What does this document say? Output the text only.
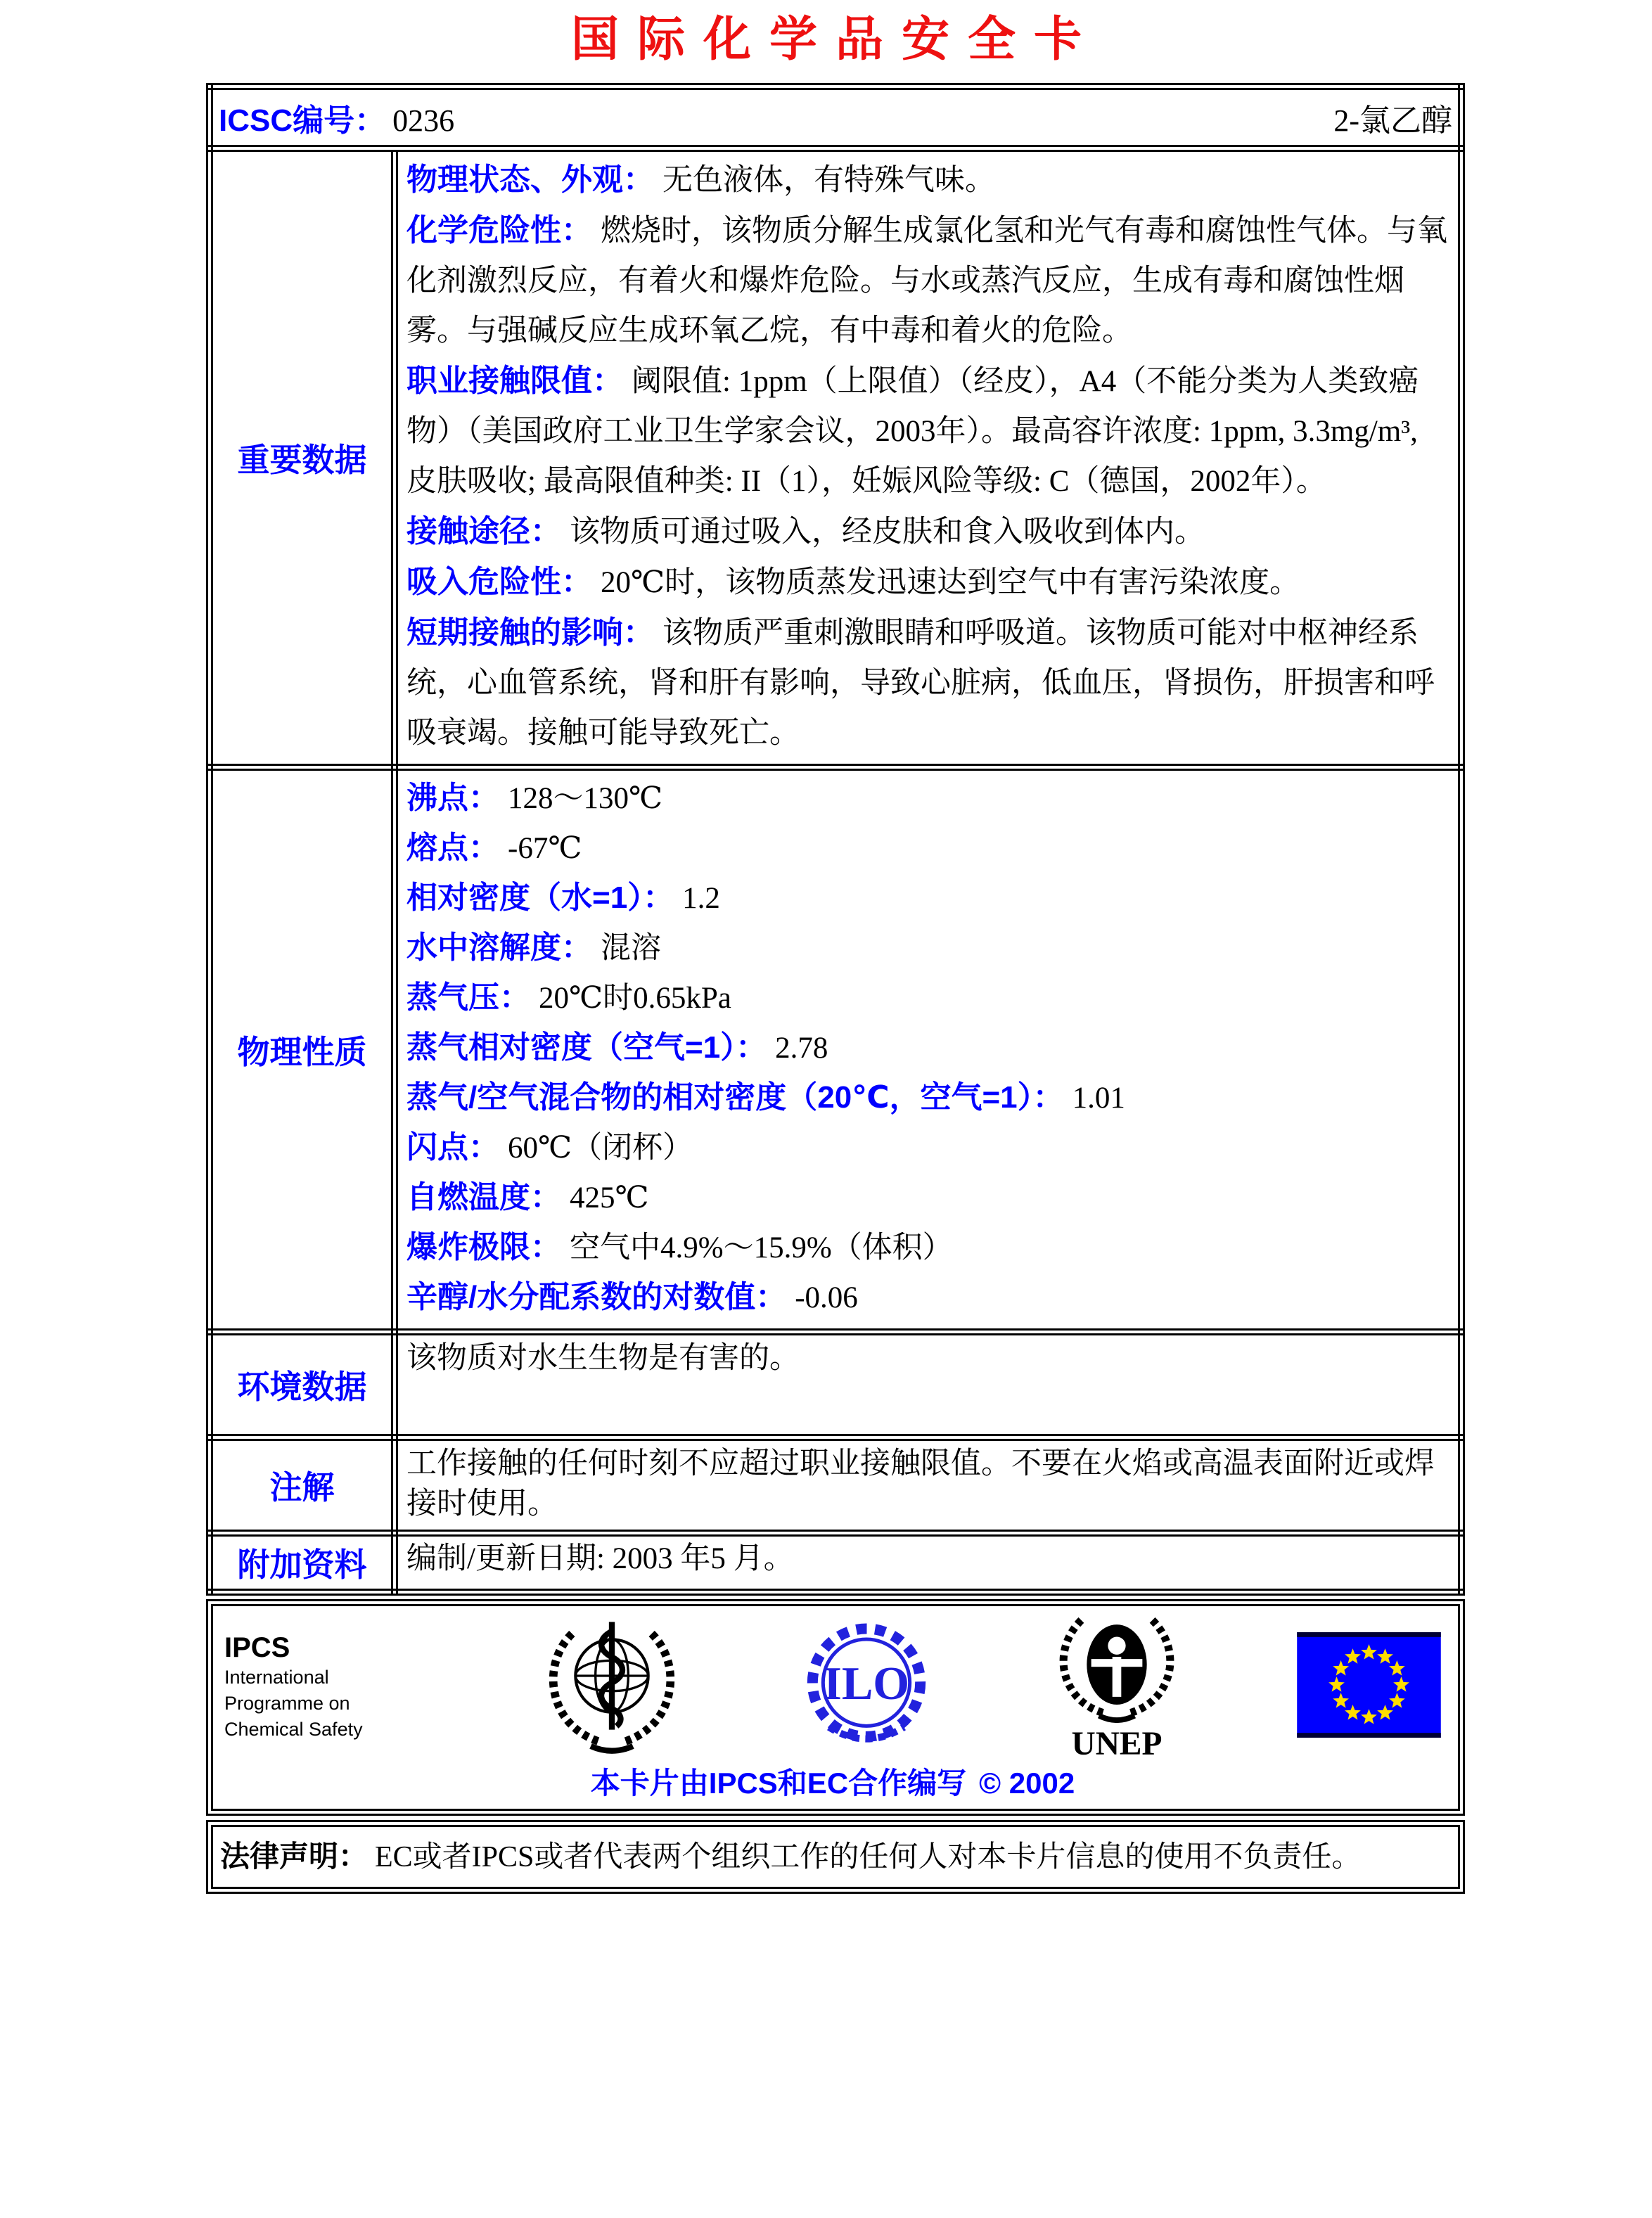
国际化学品安全卡
ICSC编号： 0236 2-氯乙醇	

重要数据	
物理状态、外观： 无色液体，有特殊气味。
化学危险性： 燃烧时，该物质分解生成氯化氢和光气有毒和腐蚀性气体。与氧化剂激烈反应，有着火和爆炸危险。与水或蒸汽反应，生成有毒和腐蚀性烟雾。与强碱反应生成环氧乙烷，有中毒和着火的危险。
职业接触限值： 阈限值: 1ppm（上限值）（经皮），A4（不能分类为人类致癌物）（美国政府工业卫生学家会议，2003年）。最高容许浓度: 1ppm, 3.3mg/m³, 皮肤吸收; 最高限值种类: II（1），妊娠风险等级: C（德国，2002年）。
接触途径： 该物质可通过吸入，经皮肤和食入吸收到体内。
吸入危险性： 20℃时，该物质蒸发迅速达到空气中有害污染浓度。
短期接触的影响： 该物质严重刺激眼睛和呼吸道。该物质可能对中枢神经系统，心血管系统，肾和肝有影响，导致心脏病，低血压，肾损伤，肝损害和呼吸衰竭。接触可能导致死亡。

物理性质	
沸点： 128～130℃
熔点： -67℃
相对密度（水=1）： 1.2
水中溶解度： 混溶
蒸气压： 20℃时0.65kPa
蒸气相对密度（空气=1）： 2.78
蒸气/空气混合物的相对密度（20℃，空气=1）： 1.01
闪点： 60℃（闭杯）
自燃温度： 425℃
爆炸极限： 空气中4.9%～15.9%（体积）
辛醇/水分配系数的对数值： -0.06

环境数据	该物质对水生生物是有害的。

注解	工作接触的任何时刻不应超过职业接触限值。不要在火焰或高温表面附近或焊接时使用。

附加资料	编制/更新日期: 2003 年5 月。
IPCS
International
Programme on
Chemical Safety
ILO
UNEP
本卡片由IPCS和EC合作编写 © 2002
法律声明： EC或者IPCS或者代表两个组织工作的任何人对本卡片信息的使用不负责任。
